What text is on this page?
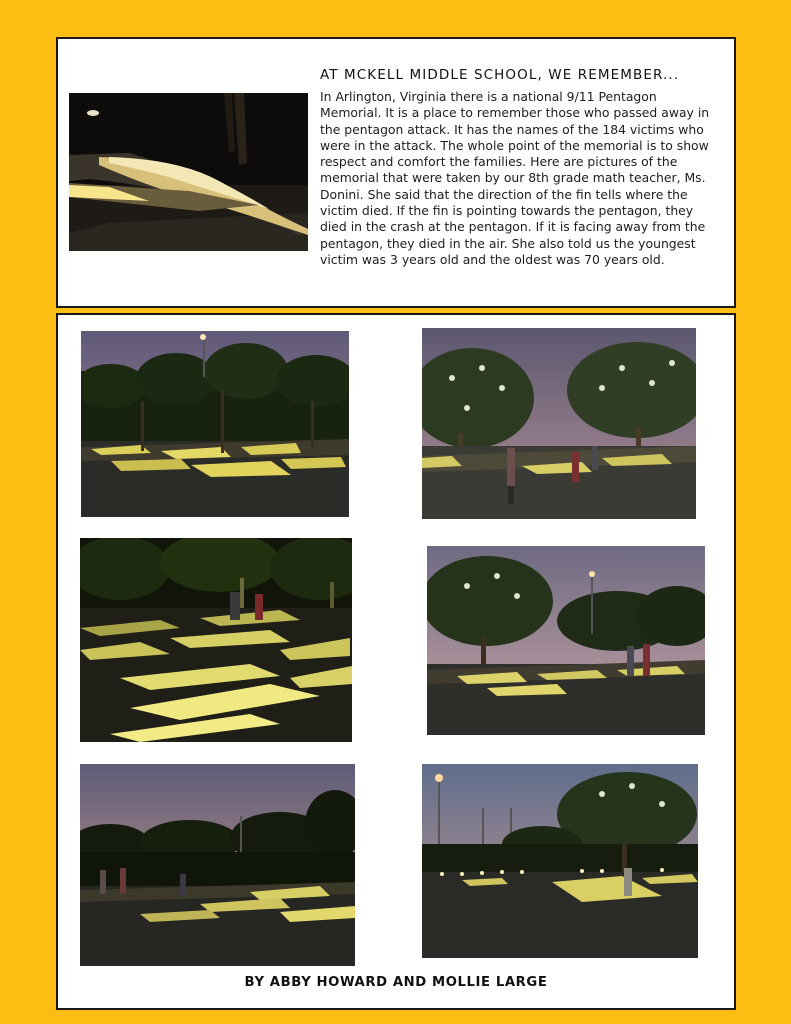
AT MCKELL MIDDLE SCHOOL, WE REMEMBER...

In Arlington, Virginia there is a national 9/11 Pentagon Memorial. It is a place to remember those who passed away in the pentagon attack. It has the names of the 184 victims who were in the attack. The whole point of the memorial is to show respect and comfort the families. Here are pictures of the memorial that were taken by our 8th grade math teacher, Ms. Donini. She said that the direction of the fin tells where the victim died. If the fin is pointing towards the pentagon, they died in the crash at the pentagon. If it is facing away from the pentagon, they died in the air. She also told us the youngest victim was 3 years old and the oldest was 70 years old.

BY ABBY HOWARD AND MOLLIE LARGE
